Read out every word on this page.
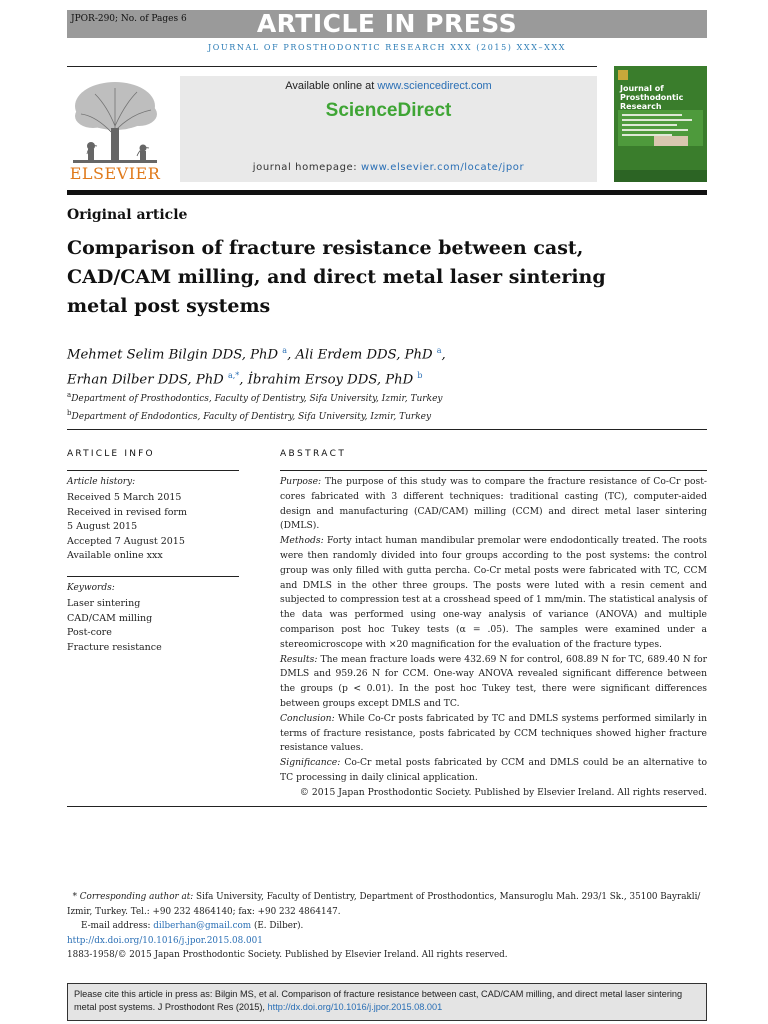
JPOR-290; No. of Pages 6	ARTICLE IN PRESS
JOURNAL OF PROSTHODONTIC RESEARCH XXX (2015) XXX–XXX
ELSEVIER
Available online at www.sciencedirect.com
ScienceDirect
journal homepage: www.elsevier.com/locate/jpor
Journal of Prosthodontic Research
Original article
Comparison of fracture resistance between cast, CAD/CAM milling, and direct metal laser sintering metal post systems
Mehmet Selim Bilgin DDS, PhD $^a$, Ali Erdem DDS, PhD $^a$,
Erhan Dilber DDS, PhD $^{a,*}$, İbrahim Ersoy DDS, PhD $^b$
$^a$Department of Prosthodontics, Faculty of Dentistry, Sifa University, Izmir, Turkey
$^b$Department of Endodontics, Faculty of Dentistry, Sifa University, Izmir, Turkey
ARTICLE INFO
Article history:
Received 5 March 2015
Received in revised form
5 August 2015
Accepted 7 August 2015
Available online xxx
Keywords:
Laser sintering
CAD/CAM milling
Post-core
Fracture resistance
ABSTRACT

Purpose: The purpose of this study was to compare the fracture resistance of Co-Cr post-cores fabricated with 3 different techniques: traditional casting (TC), computer-aided design and manufacturing (CAD/CAM) milling (CCM) and direct metal laser sintering (DMLS).

Methods: Forty intact human mandibular premolar were endodontically treated. The roots were then randomly divided into four groups according to the post systems: the control group was only filled with gutta percha. Co-Cr metal posts were fabricated with TC, CCM and DMLS in the other three groups. The posts were luted with a resin cement and subjected to compression test at a crosshead speed of 1 mm/min. The statistical analysis of the data was performed using one-way analysis of variance (ANOVA) and multiple comparison post hoc Tukey tests (α = .05). The samples were examined under a stereomicroscope with ×20 magnification for the evaluation of the fracture types.

Results: The mean fracture loads were 432.69 N for control, 608.89 N for TC, 689.40 N for DMLS and 959.26 N for CCM. One-way ANOVA revealed significant difference between the groups (p < 0.01). In the post hoc Tukey test, there were significant differences between groups except DMLS and TC.

Conclusion: While Co-Cr posts fabricated by TC and DMLS systems performed similarly in terms of fracture resistance, posts fabricated by CCM techniques showed higher fracture resistance values.

Significance: Co-Cr metal posts fabricated by CCM and DMLS could be an alternative to TC processing in daily clinical application.

© 2015 Japan Prosthodontic Society. Published by Elsevier Ireland. All rights reserved.

* Corresponding author at: Sifa University, Faculty of Dentistry, Department of Prosthodontics, Mansuroglu Mah. 293/1 Sk., 35100 Bayrakli/ Izmir, Turkey. Tel.: +90 232 4864140; fax: +90 232 4864147.

E-mail address: dilberhan@gmail.com (E. Dilber).

http://dx.doi.org/10.1016/j.jpor.2015.08.001

1883-1958/© 2015 Japan Prosthodontic Society. Published by Elsevier Ireland. All rights reserved.

Please cite this article in press as: Bilgin MS, et al. Comparison of fracture resistance between cast, CAD/CAM milling, and direct metal laser sintering metal post systems. J Prosthodont Res (2015), http://dx.doi.org/10.1016/j.jpor.2015.08.001
